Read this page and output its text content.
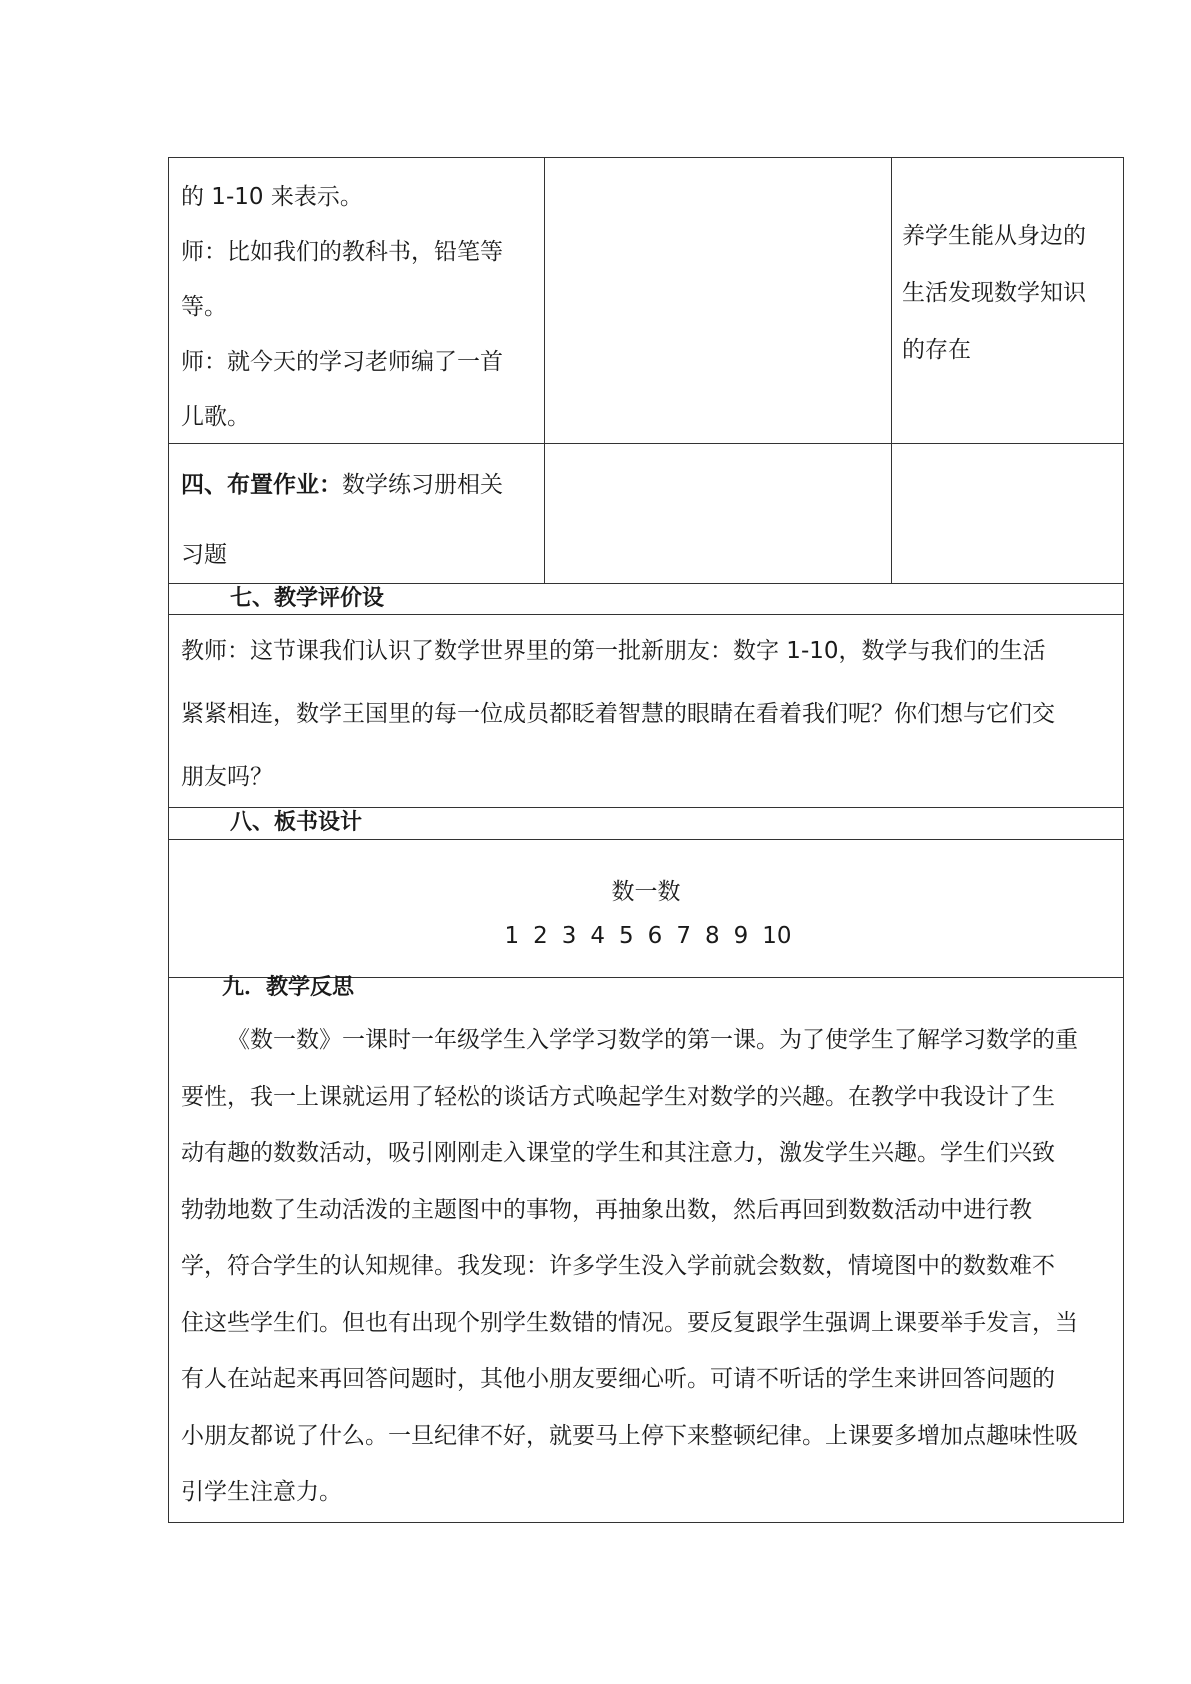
的 1-10 来表示。
师：比如我们的教科书，铅笔等
等。
师：就今天的学习老师编了一首
儿歌。
养学生能从身边的
生活发现数学知识
的存在
四、布置作业：数学练习册相关
习题
七、教学评价设
教师：这节课我们认识了数学世界里的第一批新朋友：数字 1-10，数学与我们的生活
紧紧相连，数学王国里的每一位成员都眨着智慧的眼睛在看着我们呢？你们想与它们交
朋友吗？
八、板书设计
数一数
1 2 3 4 5 6 7 8 9 10
九．教学反思
《数一数》一课时一年级学生入学学习数学的第一课。为了使学生了解学习数学的重
要性，我一上课就运用了轻松的谈话方式唤起学生对数学的兴趣。在教学中我设计了生
动有趣的数数活动，吸引刚刚走入课堂的学生和其注意力，激发学生兴趣。学生们兴致
勃勃地数了生动活泼的主题图中的事物，再抽象出数，然后再回到数数活动中进行教
学，符合学生的认知规律。我发现：许多学生没入学前就会数数，情境图中的数数难不
住这些学生们。但也有出现个别学生数错的情况。要反复跟学生强调上课要举手发言，当
有人在站起来再回答问题时，其他小朋友要细心听。可请不听话的学生来讲回答问题的
小朋友都说了什么。一旦纪律不好，就要马上停下来整顿纪律。上课要多增加点趣味性吸
引学生注意力。
